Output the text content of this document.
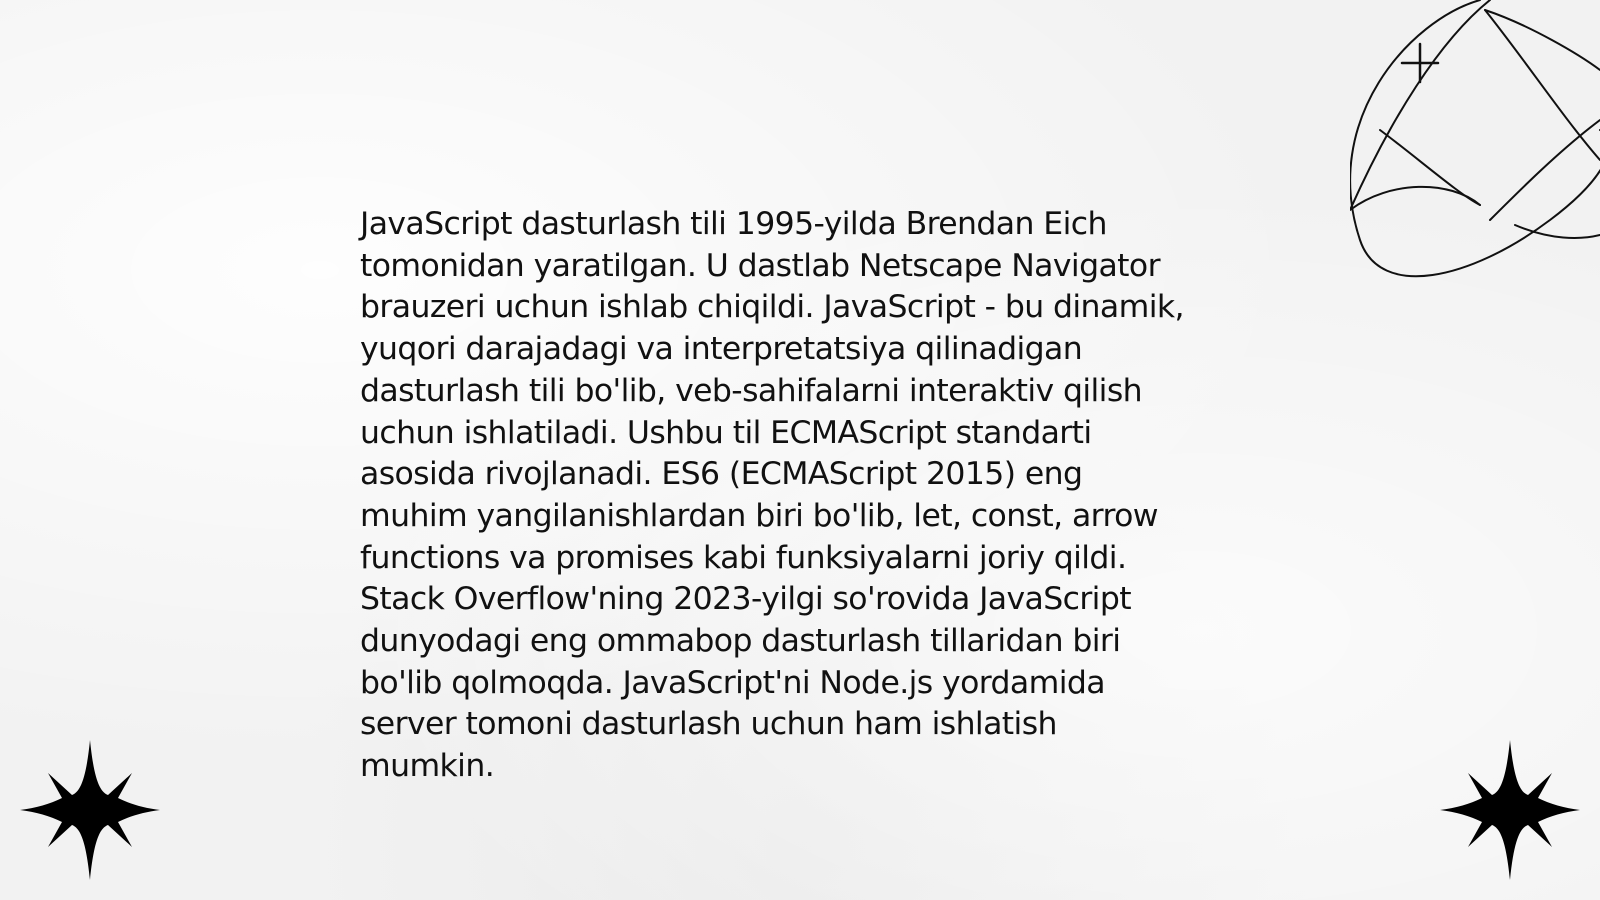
JavaScript dasturlash tili 1995-yilda Brendan Eich
tomonidan yaratilgan. U dastlab Netscape Navigator
brauzeri uchun ishlab chiqildi. JavaScript - bu dinamik,
yuqori darajadagi va interpretatsiya qilinadigan
dasturlash tili bo'lib, veb-sahifalarni interaktiv qilish
uchun ishlatiladi. Ushbu til ECMAScript standarti
asosida rivojlanadi. ES6 (ECMAScript 2015) eng
muhim yangilanishlardan biri bo'lib, let, const, arrow
functions va promises kabi funksiyalarni joriy qildi.
Stack Overflow'ning 2023-yilgi so'rovida JavaScript
dunyodagi eng ommabop dasturlash tillaridan biri
bo'lib qolmoqda. JavaScript'ni Node.js yordamida
server tomoni dasturlash uchun ham ishlatish
mumkin.
